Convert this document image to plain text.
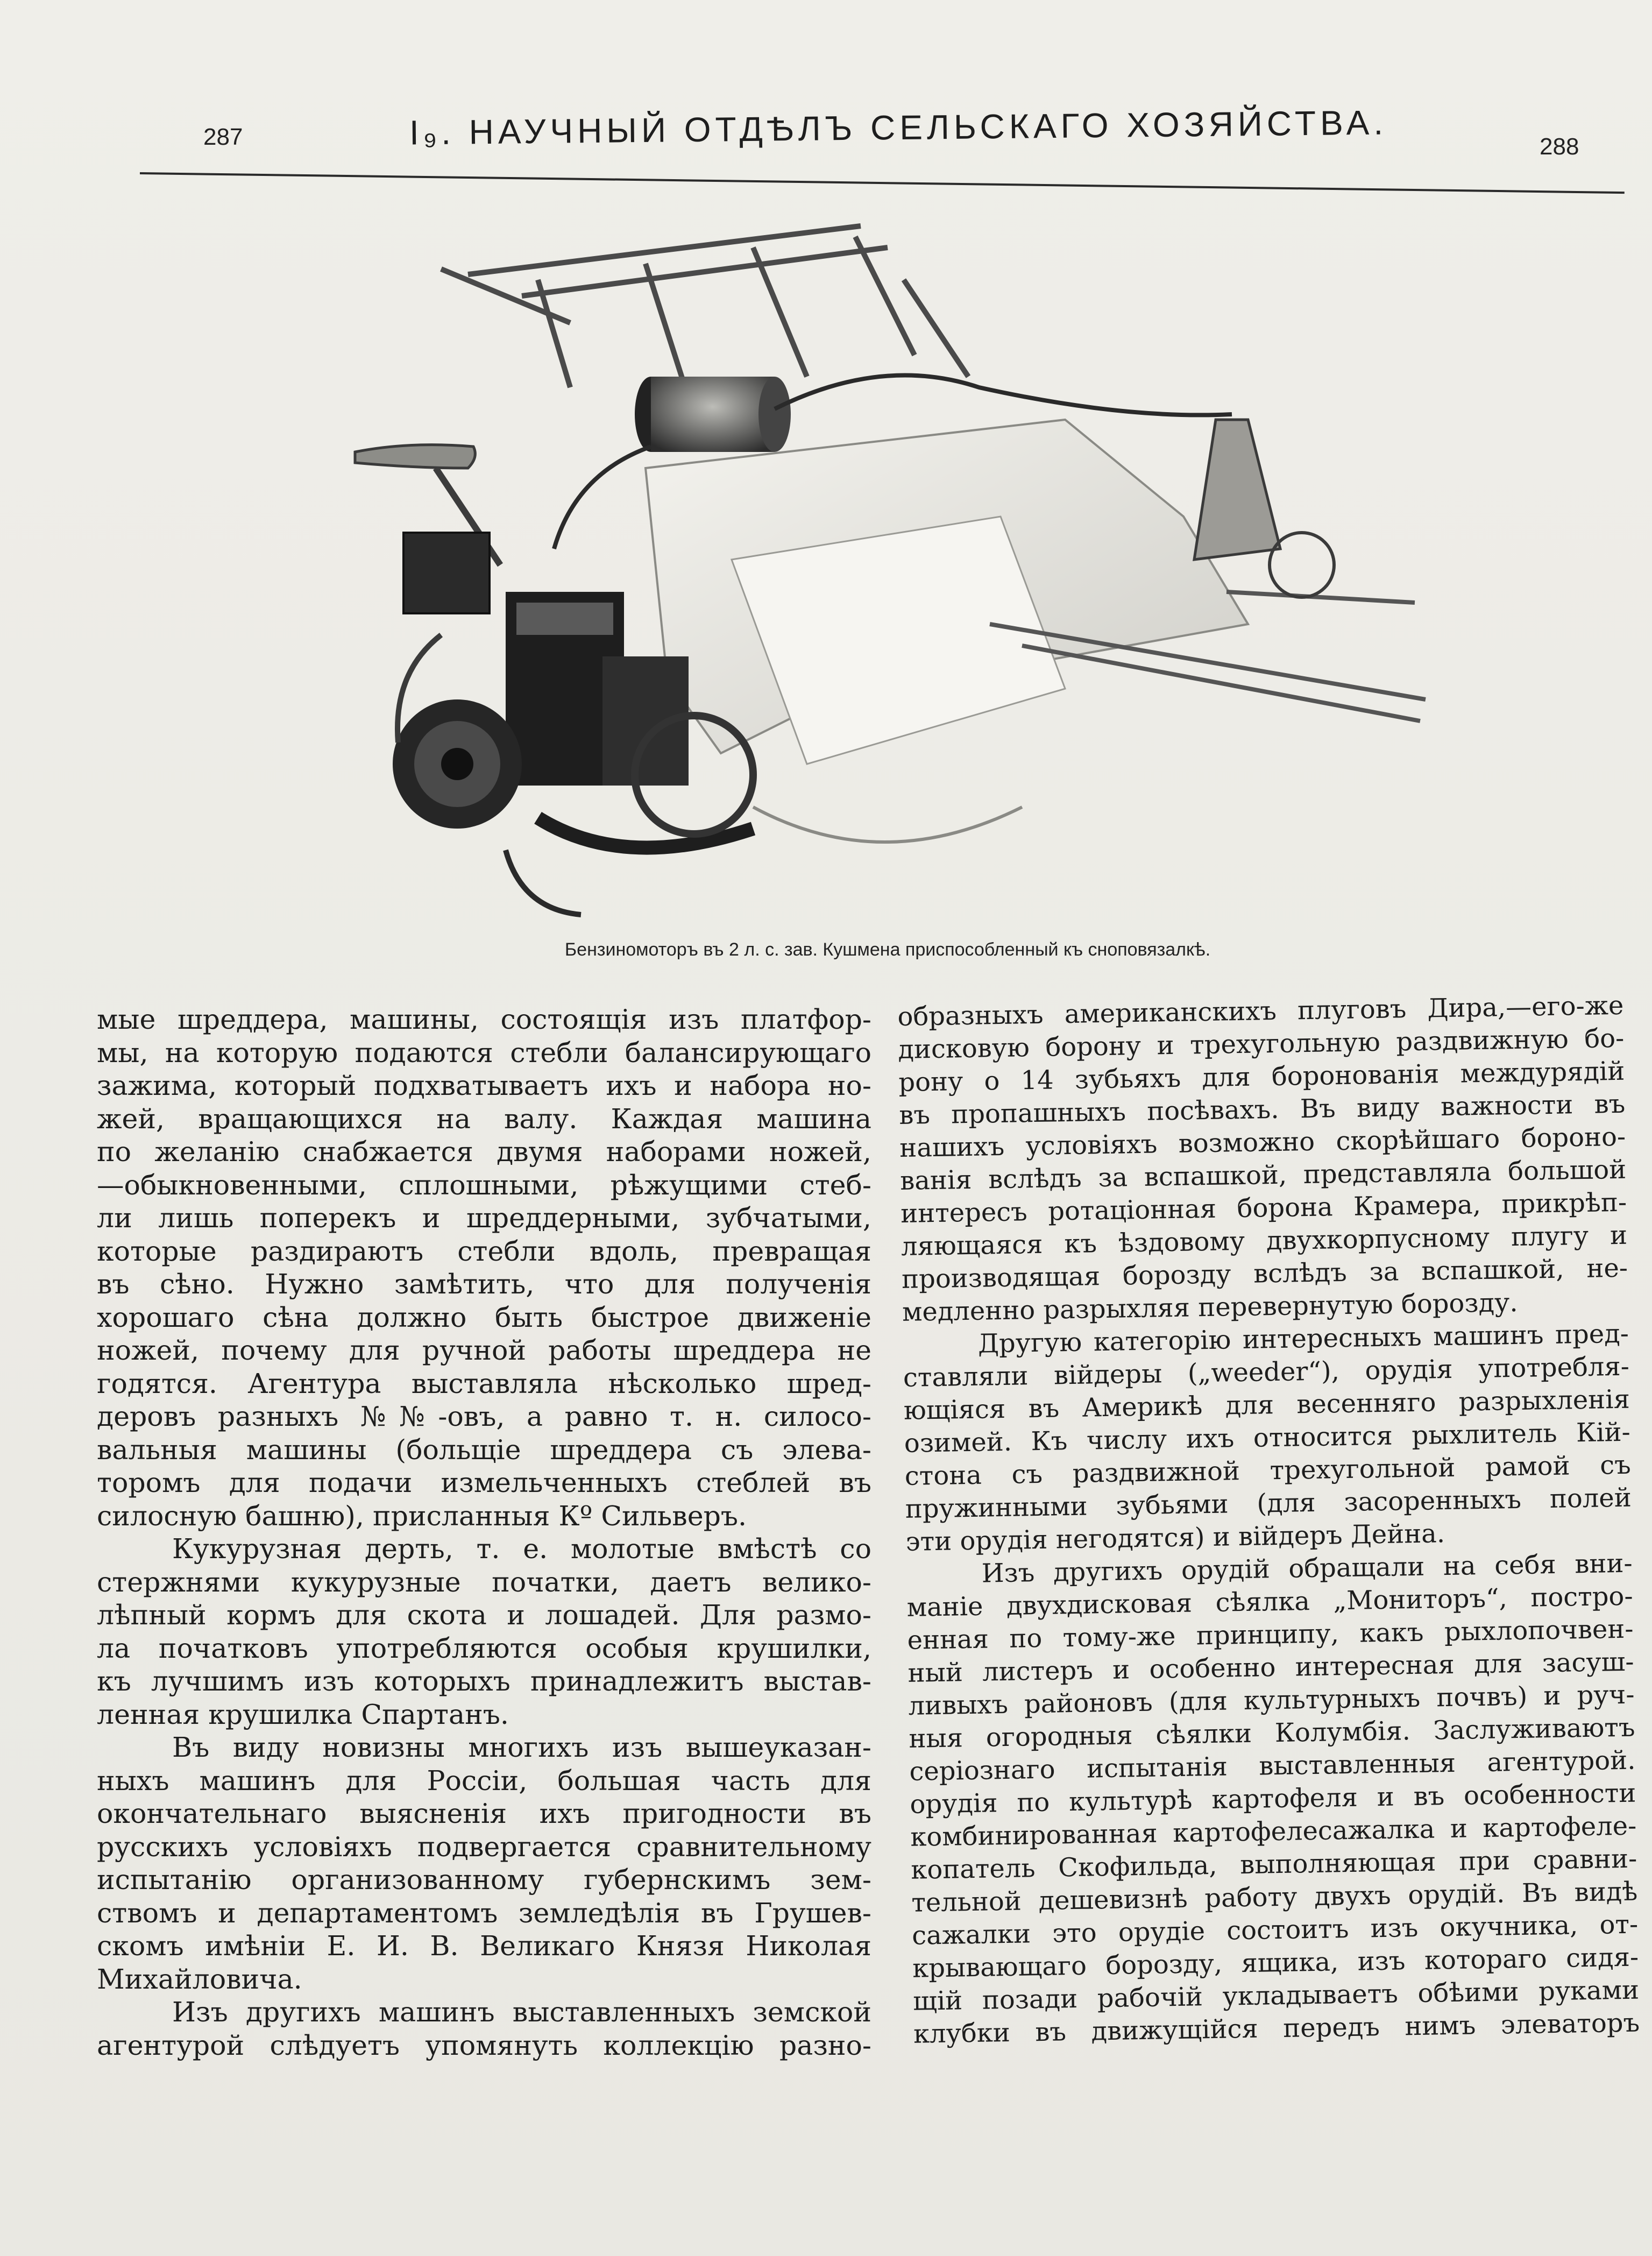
287	I₉. НАУЧНЫЙ ОТДѢЛЪ СЕЛЬСКАГО ХОЗЯЙСТВА.	288
Бензиномоторъ въ 2 л. с. зав. Кушмена приспособленный къ сноповязалкѣ.
мые шреддера, машины, состоящія изъ платфор-
мы, на которую подаются стебли балансирующаго
зажима, который подхватываетъ ихъ и набора но-
жей, вращающихся на валу. Каждая машина
по желанію снабжается двумя наборами ножей,
—обыкновенными, сплошными, рѣжущими стеб-
ли лишь поперекъ и шреддерными, зубчатыми,
которые раздираютъ стебли вдоль, превращая
въ сѣно. Нужно замѣтить, что для полученія
хорошаго сѣна должно быть быстрое движеніе
ножей, почему для ручной работы шреддера не
годятся. Агентура выставляла нѣсколько шред-
деровъ разныхъ №№-овъ, а равно т. н. силосо-
вальныя машины (больщіе шреддера съ элева-
торомъ для подачи измельченныхъ стеблей въ
силосную башню), присланныя Кº Сильверъ.
Кукурузная дерть, т. е. молотые вмѣстѣ со
стержнями кукурузные початки, даетъ велико-
лѣпный кормъ для скота и лошадей. Для размо-
ла початковъ употребляются особыя крушилки,
къ лучшимъ изъ которыхъ принадлежитъ выстав-
ленная крушилка Спартанъ.
Въ виду новизны многихъ изъ вышеуказан-
ныхъ машинъ для Россіи, большая часть для
окончательнаго выясненія ихъ пригодности въ
русскихъ условіяхъ подвергается сравнительному
испытанію организованному губернскимъ зем-
ствомъ и департаментомъ земледѣлія въ Грушев-
скомъ имѣніи Е. И. В. Великаго Князя Николая
Михайловича.
Изъ другихъ машинъ выставленныхъ земской
агентурой слѣдуетъ упомянуть коллекцію разно-
образныхъ американскихъ плуговъ Дира,—его-же
дисковую борону и трехугольную раздвижную бо-
рону о 14 зубьяхъ для боронованія междурядій
въ пропашныхъ посѣвахъ. Въ виду важности въ
нашихъ условіяхъ возможно скорѣйшаго бороно-
ванія вслѣдъ за вспашкой, представляла большой
интересъ ротаціонная борона Крамера, прикрѣп-
ляющаяся къ ѣздовому двухкорпусному плугу и
производящая борозду вслѣдъ за вспашкой, не-
медленно разрыхляя перевернутую борозду.
Другую категорію интересныхъ машинъ пред-
ставляли війдеры („weeder“), орудія употребля-
ющіяся въ Америкѣ для весенняго разрыхленія
озимей. Къ числу ихъ относится рыхлитель Кій-
стона съ раздвижной трехугольной рамой съ
пружинными зубьями (для засоренныхъ полей
эти орудія негодятся) и війдеръ Дейна.
Изъ другихъ орудій обращали на себя вни-
маніе двухдисковая сѣялка „Мониторъ“, постро-
енная по тому-же принципу, какъ рыхлопочвен-
ный листеръ и особенно интересная для засуш-
ливыхъ районовъ (для культурныхъ почвъ) и руч-
ныя огородныя сѣялки Колумбія. Заслуживаютъ
серіознаго испытанія выставленныя агентурой.
орудія по культурѣ картофеля и въ особенности
комбинированная картофелесажалка и картофеле-
копатель Скофильда, выполняющая при сравни-
тельной дешевизнѣ работу двухъ орудій. Въ видѣ
сажалки это орудіе состоитъ изъ окучника, от-
крывающаго борозду, ящика, изъ котораго сидя-
щій позади рабочій укладываетъ обѣими руками
клубки въ движущійся передъ нимъ элеваторъ
